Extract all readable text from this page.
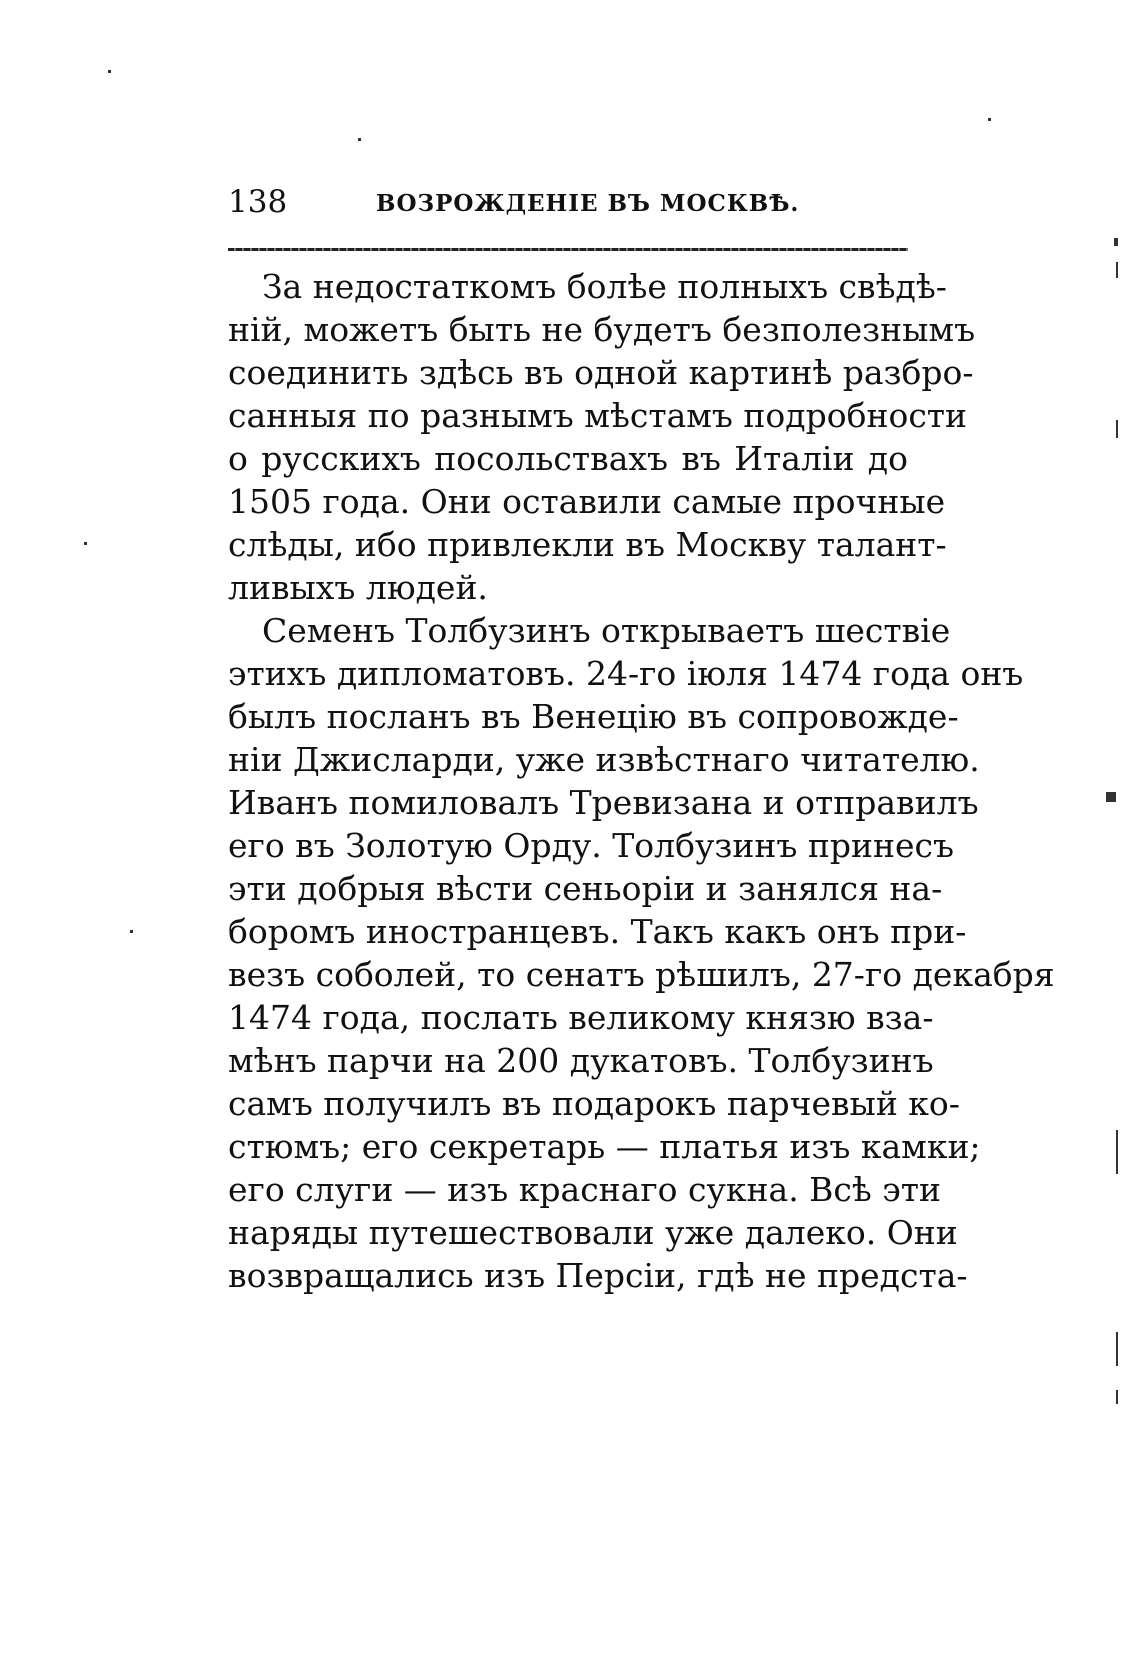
138	ВОЗРОЖДЕНІЕ ВЪ МОСКВѢ.
За недостаткомъ болѣе полныхъ свѣдѣ-
ній, можетъ быть не будетъ безполезнымъ
соединить здѣсь въ одной картинѣ разбро-
санныя по разнымъ мѣстамъ подробности
о русскихъ посольствахъ въ Италіи до
1505 года. Они оставили самые прочные
слѣды, ибо привлекли въ Москву талант-
ливыхъ людей.
Семенъ Толбузинъ открываетъ шествіе
этихъ дипломатовъ. 24-го іюля 1474 года онъ
былъ посланъ въ Венецію въ сопровожде-
ніи Джисларди, уже извѣстнаго читателю.
Иванъ помиловалъ Тревизана и отправилъ
его въ Золотую Орду. Толбузинъ принесъ
эти добрыя вѣсти сеньоріи и занялся на-
боромъ иностранцевъ. Такъ какъ онъ при-
везъ соболей, то сенатъ рѣшилъ, 27-го декабря
1474 года, послать великому князю вза-
мѣнъ парчи на 200 дукатовъ. Толбузинъ
самъ получилъ въ подарокъ парчевый ко-
стюмъ; его секретарь — платья изъ камки;
его слуги — изъ краснаго сукна. Всѣ эти
наряды путешествовали уже далеко. Они
возвращались изъ Персіи, гдѣ не предста-
